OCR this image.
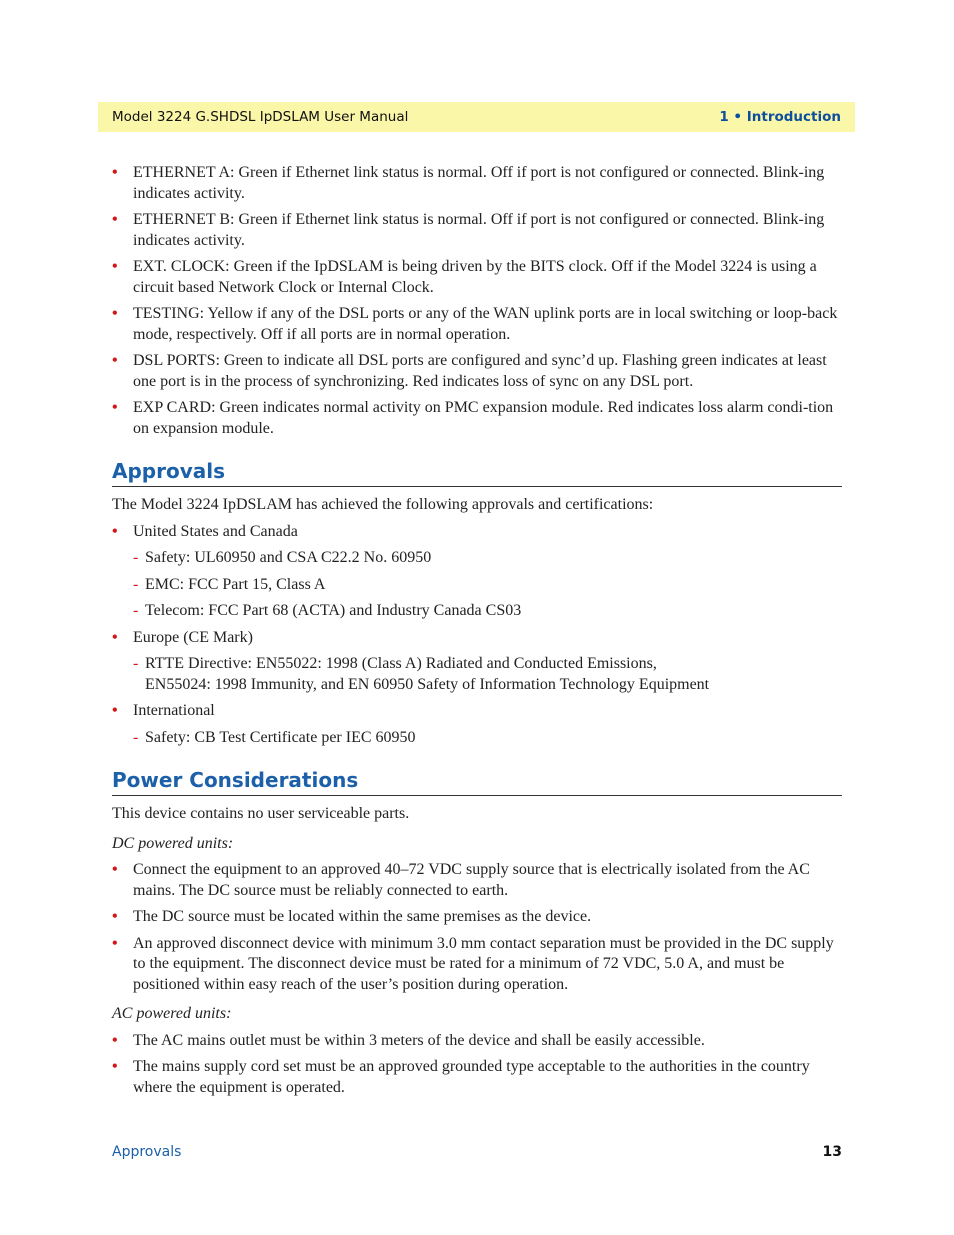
Model 3224 G.SHDSL IpDSLAM User Manual	1 • Introduction
• ETHERNET A: Green if Ethernet link status is normal. Off if port is not configured or connected. Blink-ing indicates activity.
• ETHERNET B: Green if Ethernet link status is normal. Off if port is not configured or connected. Blink-ing indicates activity.
• EXT. CLOCK: Green if the IpDSLAM is being driven by the BITS clock. Off if the Model 3224 is using a circuit based Network Clock or Internal Clock.
• TESTING: Yellow if any of the DSL ports or any of the WAN uplink ports are in local switching or loop-back mode, respectively. Off if all ports are in normal operation.
• DSL PORTS: Green to indicate all DSL ports are configured and sync’d up. Flashing green indicates at least one port is in the process of synchronizing. Red indicates loss of sync on any DSL port.
• EXP CARD: Green indicates normal activity on PMC expansion module. Red indicates loss alarm condi-tion on expansion module.
Approvals

The Model 3224 IpDSLAM has achieved the following approvals and certifications:

• United States and Canada
- Safety: UL60950 and CSA C22.2 No. 60950
- EMC: FCC Part 15, Class A
- Telecom: FCC Part 68 (ACTA) and Industry Canada CS03
• Europe (CE Mark)
- RTTE Directive: EN55022: 1998 (Class A) Radiated and Conducted Emissions,
EN55024: 1998 Immunity, and EN 60950 Safety of Information Technology Equipment
• International
- Safety: CB Test Certificate per IEC 60950
Power Considerations

This device contains no user serviceable parts.

DC powered units:

• Connect the equipment to an approved 40–72 VDC supply source that is electrically isolated from the AC mains. The DC source must be reliably connected to earth.
• The DC source must be located within the same premises as the device.
• An approved disconnect device with minimum 3.0 mm contact separation must be provided in the DC supply to the equipment. The disconnect device must be rated for a minimum of 72 VDC, 5.0 A, and must be positioned within easy reach of the user’s position during operation.

AC powered units:

• The AC mains outlet must be within 3 meters of the device and shall be easily accessible.
• The mains supply cord set must be an approved grounded type acceptable to the authorities in the country where the equipment is operated.
Approvals	13
